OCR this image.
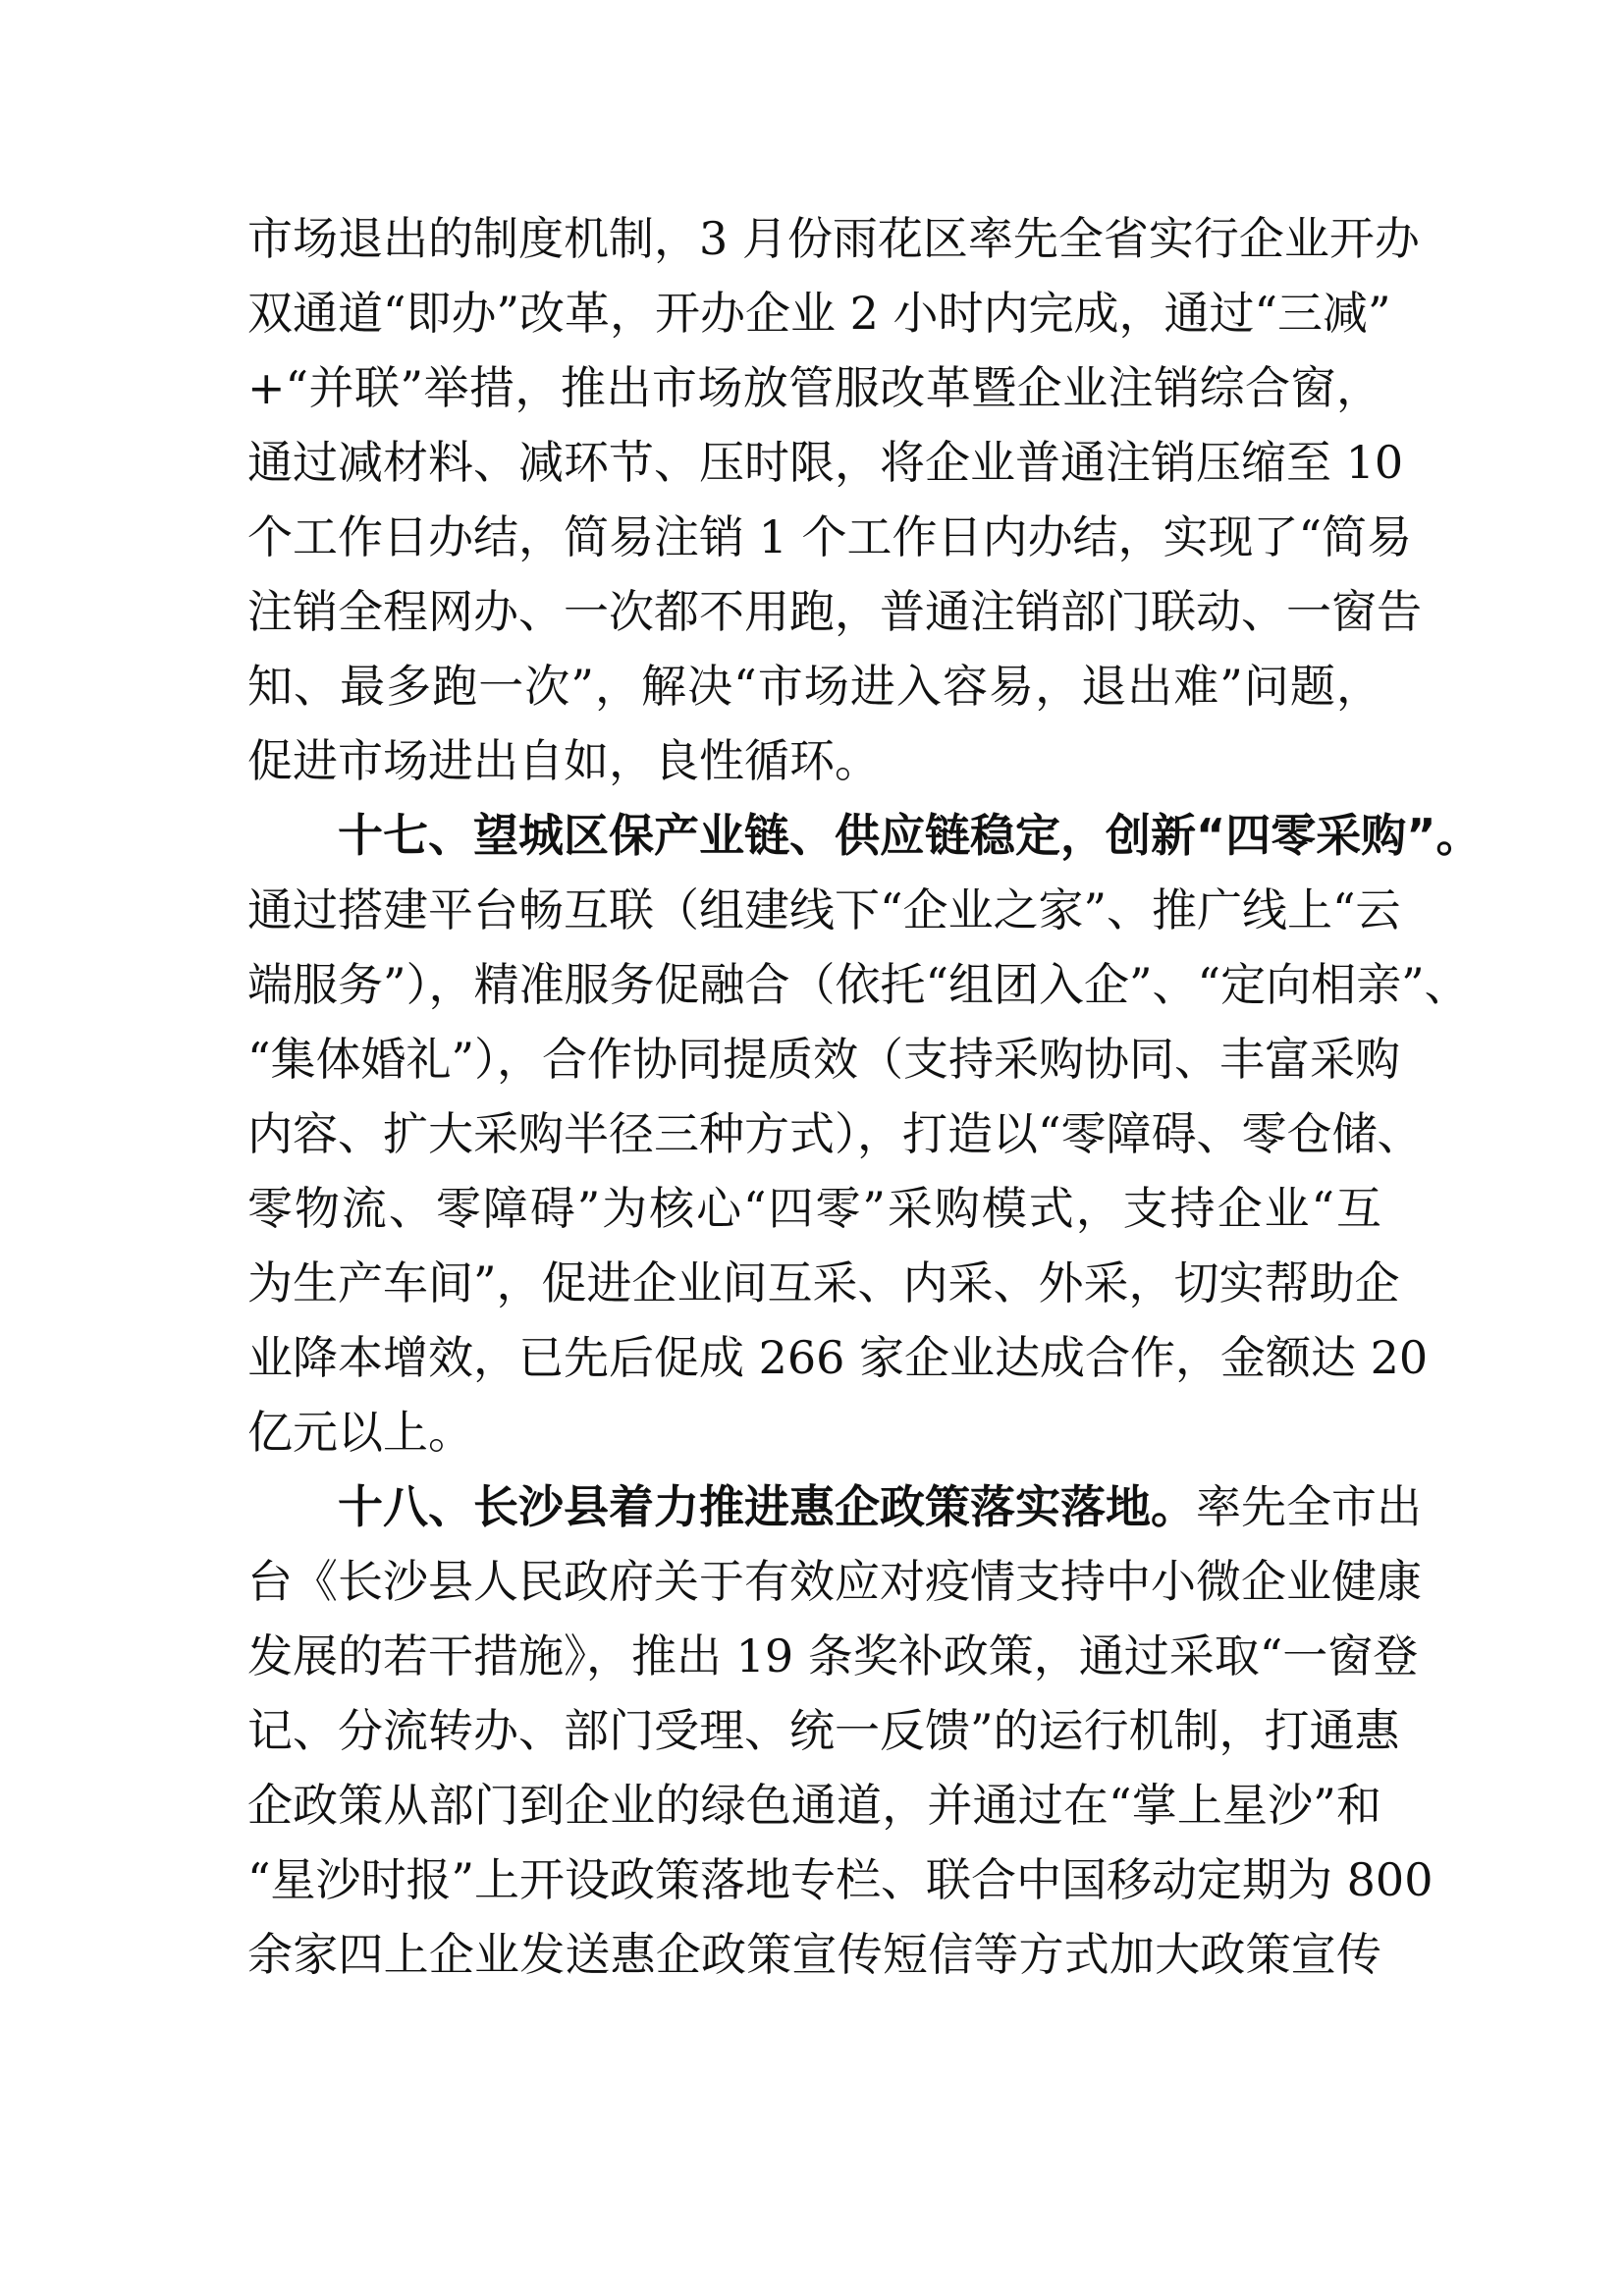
市场退出的制度机制，3 月份雨花区率先全省实行企业开办
双通道“即办”改革，开办企业 2 小时内完成，通过“三减”
+“并联”举措，推出市场放管服改革暨企业注销综合窗，
通过减材料、减环节、压时限，将企业普通注销压缩至 10
个工作日办结，简易注销 1 个工作日内办结，实现了“简易
注销全程网办、一次都不用跑，普通注销部门联动、一窗告
知、最多跑一次”，解决“市场进入容易，退出难”问题，
促进市场进出自如，良性循环。
十七、望城区保产业链、供应链稳定，创新“四零采购”。
通过搭建平台畅互联（组建线下“企业之家”、推广线上“云
端服务”），精准服务促融合（依托“组团入企”、“定向相亲”、
“集体婚礼”），合作协同提质效（支持采购协同、丰富采购
内容、扩大采购半径三种方式），打造以“零障碍、零仓储、
零物流、零障碍”为核心“四零”采购模式，支持企业“互
为生产车间”，促进企业间互采、内采、外采，切实帮助企
业降本增效，已先后促成 266 家企业达成合作，金额达 20
亿元以上。
十八、长沙县着力推进惠企政策落实落地。率先全市出
台《长沙县人民政府关于有效应对疫情支持中小微企业健康
发展的若干措施》，推出 19 条奖补政策，通过采取“一窗登
记、分流转办、部门受理、统一反馈”的运行机制，打通惠
企政策从部门到企业的绿色通道，并通过在“掌上星沙”和
“星沙时报”上开设政策落地专栏、联合中国移动定期为 800
余家四上企业发送惠企政策宣传短信等方式加大政策宣传
